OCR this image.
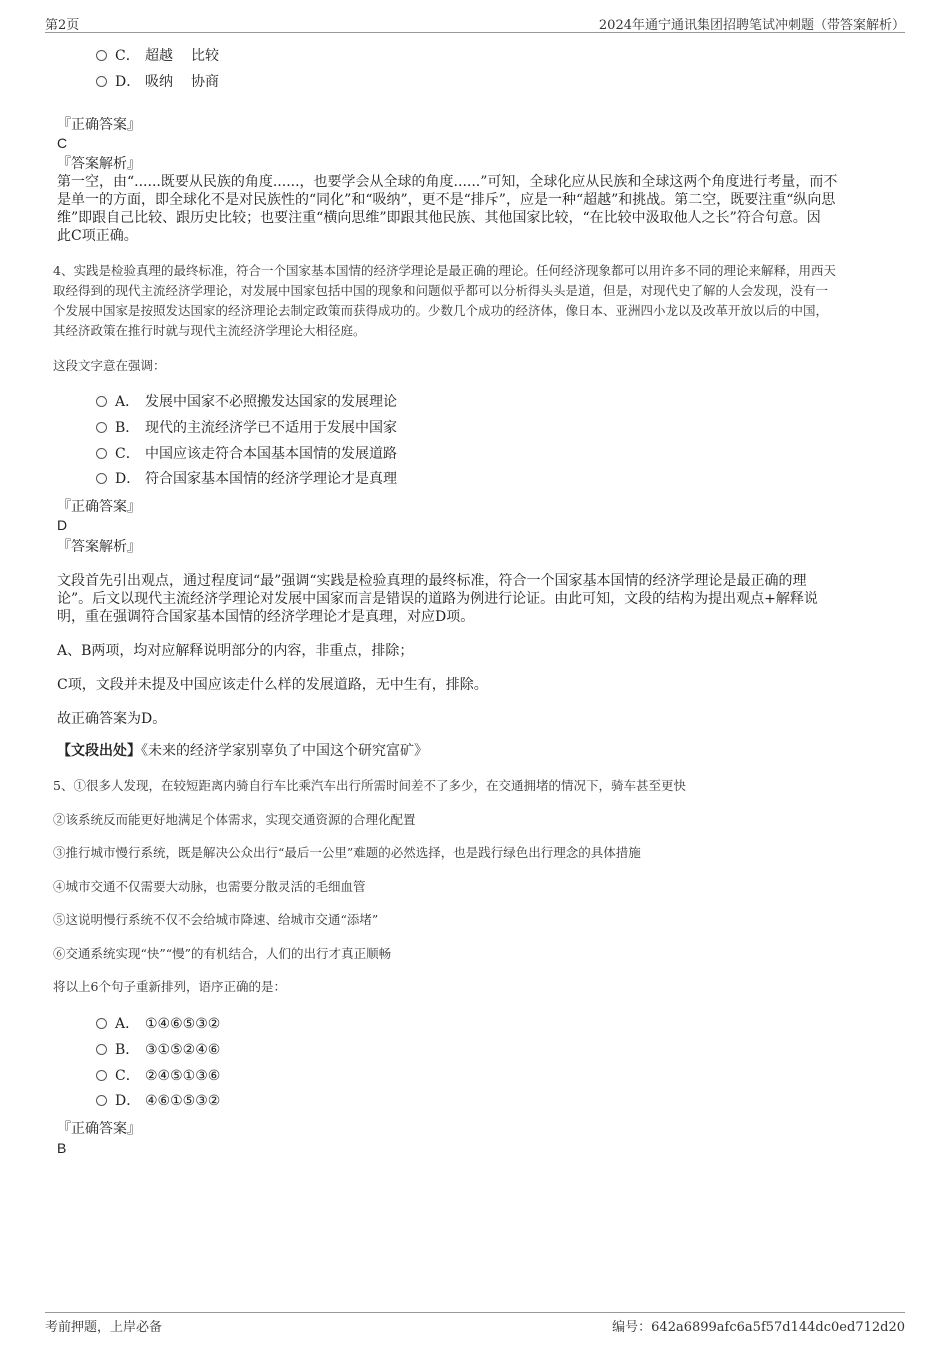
第2页	2024年通宁通讯集团招聘笔试冲刺题（带答案解析）
C． 超越 比较
D． 吸纳 协商
『正确答案』
C
『答案解析』
第一空，由“......既要从民族的角度......，也要学会从全球的角度......”可知，全球化应从民族和全球这两个角度进行考量，而不
是单一的方面，即全球化不是对民族性的“同化”和“吸纳”，更不是“排斥”，应是一种“超越”和挑战。第二空，既要注重“纵向思
维”即跟自己比较、跟历史比较；也要注重“横向思维”即跟其他民族、其他国家比较，“在比较中汲取他人之长”符合句意。因
此C项正确。
4、实践是检验真理的最终标准，符合一个国家基本国情的经济学理论是最正确的理论。任何经济现象都可以用许多不同的理论来解释，用西天
取经得到的现代主流经济学理论，对发展中国家包括中国的现象和问题似乎都可以分析得头头是道，但是，对现代史了解的人会发现，没有一
个发展中国家是按照发达国家的经济理论去制定政策而获得成功的。少数几个成功的经济体，像日本、亚洲四小龙以及改革开放以后的中国，
其经济政策在推行时就与现代主流经济学理论大相径庭。
这段文字意在强调：
A． 发展中国家不必照搬发达国家的发展理论
B． 现代的主流经济学已不适用于发展中国家
C． 中国应该走符合本国基本国情的发展道路
D． 符合国家基本国情的经济学理论才是真理
『正确答案』
D
『答案解析』
文段首先引出观点，通过程度词“最”强调“实践是检验真理的最终标准，符合一个国家基本国情的经济学理论是最正确的理
论”。后文以现代主流经济学理论对发展中国家而言是错误的道路为例进行论证。由此可知，文段的结构为提出观点+解释说
明，重在强调符合国家基本国情的经济学理论才是真理，对应D项。
A、B两项，均对应解释说明部分的内容，非重点，排除；
C项，文段并未提及中国应该走什么样的发展道路，无中生有，排除。
故正确答案为D。
【文段出处】《未来的经济学家别辜负了中国这个研究富矿》
5、①很多人发现，在较短距离内骑自行车比乘汽车出行所需时间差不了多少，在交通拥堵的情况下，骑车甚至更快
②该系统反而能更好地满足个体需求，实现交通资源的合理化配置
③推行城市慢行系统，既是解决公众出行“最后一公里”难题的必然选择，也是践行绿色出行理念的具体措施
④城市交通不仅需要大动脉，也需要分散灵活的毛细血管
⑤这说明慢行系统不仅不会给城市降速、给城市交通“添堵”
⑥交通系统实现“快”“慢”的有机结合，人们的出行才真正顺畅
将以上6个句子重新排列，语序正确的是：
A． ①④⑥⑤③②
B． ③①⑤②④⑥
C． ②④⑤①③⑥
D． ④⑥①⑤③②
『正确答案』
B
考前押题，上岸必备	编号：642a6899afc6a5f57d144dc0ed712d20
